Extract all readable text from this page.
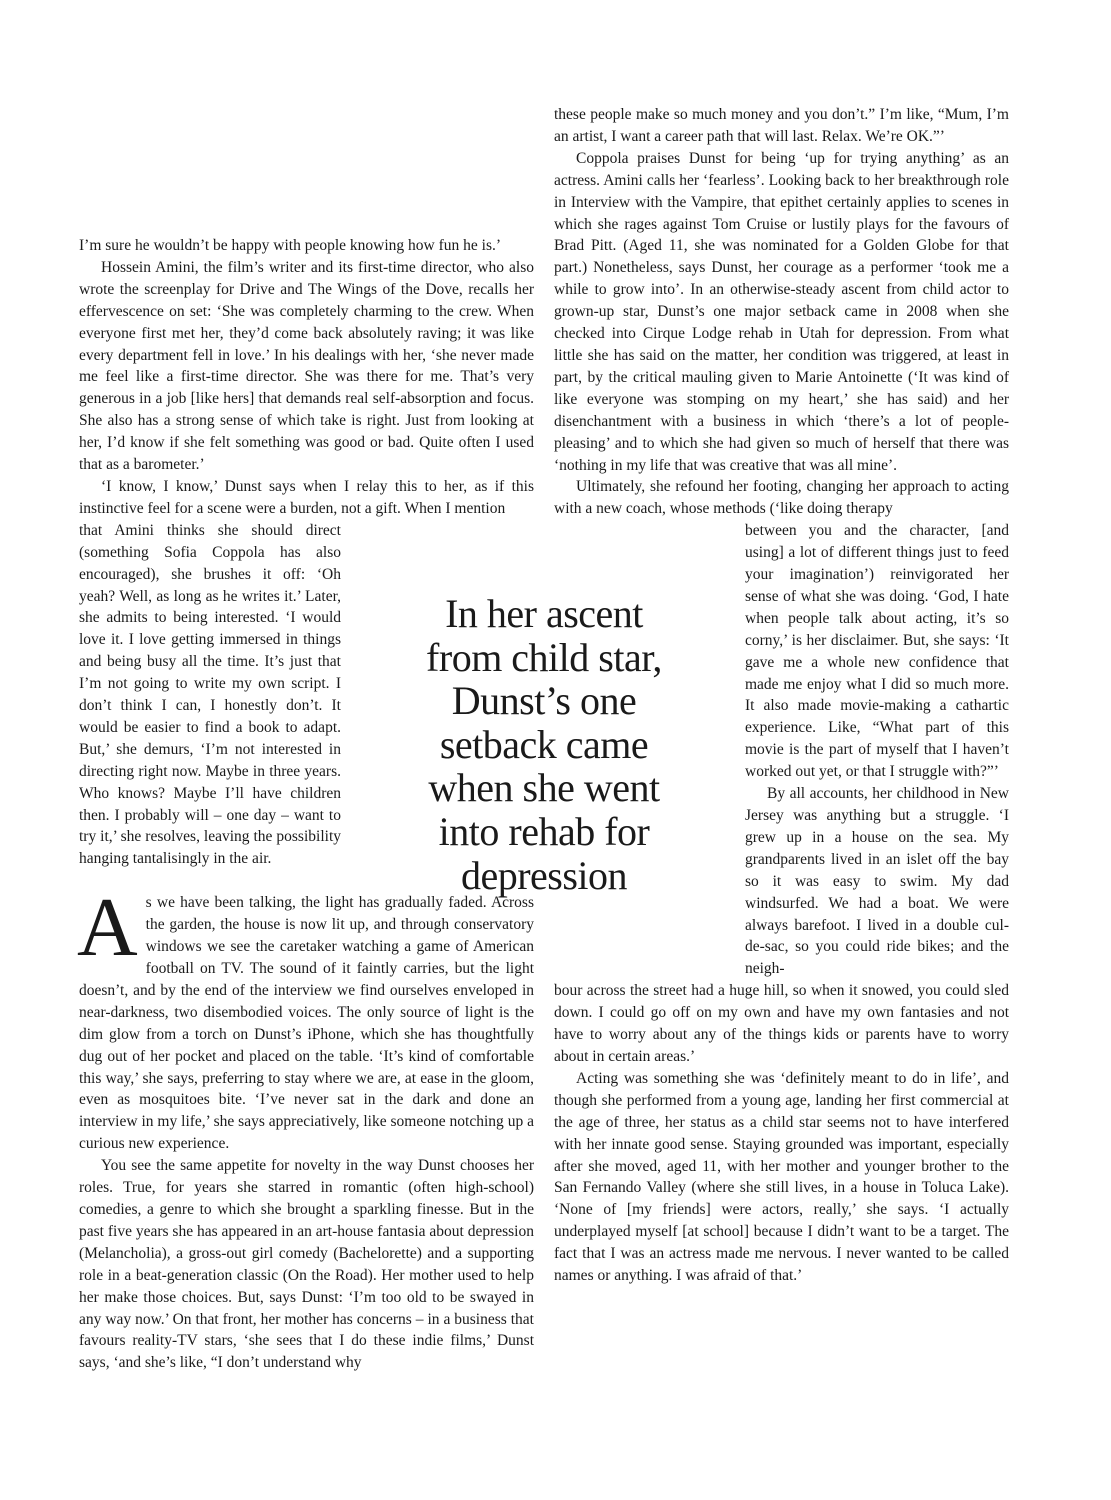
I’m sure he wouldn’t be happy with people knowing how fun he is.’

Hossein Amini, the film’s writer and its first-time director, who also wrote the screenplay for Drive and The Wings of the Dove, recalls her effervescence on set: ‘She was completely charming to the crew. When everyone first met her, they’d come back absolutely raving; it was like every department fell in love.’ In his dealings with her, ‘she never made me feel like a first-time director. She was there for me. That’s very generous in a job [like hers] that demands real self-absorption and focus. She also has a strong sense of which take is right. Just from looking at her, I’d know if she felt something was good or bad. Quite often I used that as a barometer.’

‘I know, I know,’ Dunst says when I relay this to her, as if this instinctive feel for a scene were a burden, not a gift. When I mention

that Amini thinks she should direct (something Sofia Coppola has also encouraged), she brushes it off: ‘Oh yeah? Well, as long as he writes it.’ Later, she admits to being interested. ‘I would love it. I love getting immersed in things and being busy all the time. It’s just that I’m not going to write my own script. I don’t think I can, I honestly don’t. It would be easier to find a book to adapt. But,’ she demurs, ‘I’m not interested in directing right now. Maybe in three years. Who knows? Maybe I’ll have children then. I probably will – one day – want to try it,’ she resolves, leaving the possibility hanging tantalisingly in the air.

As we have been talking, the light has gradually faded. Across the garden, the house is now lit up, and through conservatory windows we see the caretaker watching a game of American football on TV. The sound of it faintly carries, but the light doesn’t, and by the end of the interview we find ourselves enveloped in near-darkness, two disembodied voices. The only source of light is the dim glow from a torch on Dunst’s iPhone, which she has thoughtfully dug out of her pocket and placed on the table. ‘It’s kind of comfortable this way,’ she says, preferring to stay where we are, at ease in the gloom, even as mosquitoes bite. ‘I’ve never sat in the dark and done an interview in my life,’ she says appreciatively, like someone notching up a curious new experience.

You see the same appetite for novelty in the way Dunst chooses her roles. True, for years she starred in romantic (often high-school) comedies, a genre to which she brought a sparkling finesse. But in the past five years she has appeared in an art-house fantasia about depression (Melancholia), a gross-out girl comedy (Bachelorette) and a supporting role in a beat-generation classic (On the Road). Her mother used to help her make those choices. But, says Dunst: ‘I’m too old to be swayed in any way now.’ On that front, her mother has concerns – in a business that favours reality-TV stars, ‘she sees that I do these indie films,’ Dunst says, ‘and she’s like, “I don’t understand why

In her ascent from child star, Dunst’s one setback came when she went into rehab for depression

these people make so much money and you don’t.” I’m like, “Mum, I’m an artist, I want a career path that will last. Relax. We’re OK.”’

Coppola praises Dunst for being ‘up for trying anything’ as an actress. Amini calls her ‘fearless’. Looking back to her breakthrough role in Interview with the Vampire, that epithet certainly applies to scenes in which she rages against Tom Cruise or lustily plays for the favours of Brad Pitt. (Aged 11, she was nominated for a Golden Globe for that part.) Nonetheless, says Dunst, her courage as a performer ‘took me a while to grow into’. In an otherwise-steady ascent from child actor to grown-up star, Dunst’s one major setback came in 2008 when she checked into Cirque Lodge rehab in Utah for depression. From what little she has said on the matter, her condition was triggered, at least in part, by the critical mauling given to Marie Antoinette (‘It was kind of like everyone was stomping on my heart,’ she has said) and her disenchantment with a business in which ‘there’s a lot of people-pleasing’ and to which she had given so much of herself that there was ‘nothing in my life that was creative that was all mine’.

Ultimately, she refound her footing, changing her approach to acting with a new coach, whose methods (‘like doing therapy

between you and the character, [and using] a lot of different things just to feed your imagination’) reinvigorated her sense of what she was doing. ‘God, I hate when people talk about acting, it’s so corny,’ is her disclaimer. But, she says: ‘It gave me a whole new confidence that made me enjoy what I did so much more. It also made movie-making a cathartic experience. Like, “What part of this movie is the part of myself that I haven’t worked out yet, or that I struggle with?”’

By all accounts, her childhood in New Jersey was anything but a struggle. ‘I grew up in a house on the sea. My grandparents lived in an islet off the bay so it was easy to swim. My dad windsurfed. We had a boat. We were always barefoot. I lived in a double cul-de-sac, so you could ride bikes; and the neigh-

bour across the street had a huge hill, so when it snowed, you could sled down. I could go off on my own and have my own fantasies and not have to worry about any of the things kids or parents have to worry about in certain areas.’

Acting was something she was ‘definitely meant to do in life’, and though she performed from a young age, landing her first commercial at the age of three, her status as a child star seems not to have interfered with her innate good sense. Staying grounded was important, especially after she moved, aged 11, with her mother and younger brother to the San Fernando Valley (where she still lives, in a house in Toluca Lake). ‘None of [my friends] were actors, really,’ she says. ‘I actually underplayed myself [at school] because I didn’t want to be a target. The fact that I was an actress made me nervous. I never wanted to be called names or anything. I was afraid of that.’
